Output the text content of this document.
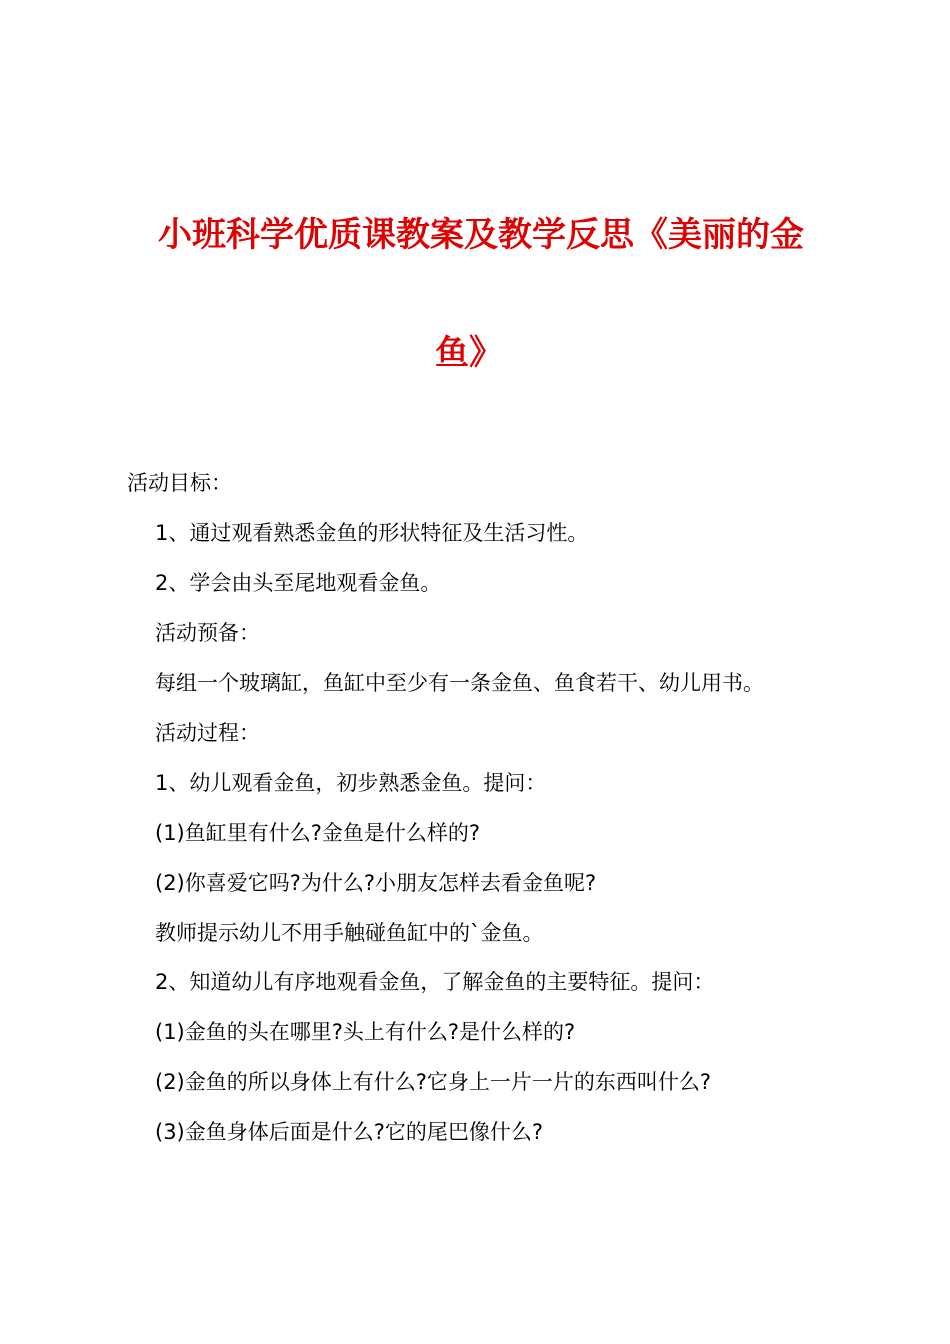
小班科学优质课教案及教学反思《美丽的金
鱼》
活动目标：
1、通过观看熟悉金鱼的形状特征及生活习性。
2、学会由头至尾地观看金鱼。
活动预备：
每组一个玻璃缸，鱼缸中至少有一条金鱼、鱼食若干、幼儿用书。
活动过程：
1、幼儿观看金鱼，初步熟悉金鱼。提问：
(1)鱼缸里有什么?金鱼是什么样的?
(2)你喜爱它吗?为什么?小朋友怎样去看金鱼呢?
教师提示幼儿不用手触碰鱼缸中的`金鱼。
2、知道幼儿有序地观看金鱼，了解金鱼的主要特征。提问：
(1)金鱼的头在哪里?头上有什么?是什么样的?
(2)金鱼的所以身体上有什么?它身上一片一片的东西叫什么?
(3)金鱼身体后面是什么?它的尾巴像什么?
